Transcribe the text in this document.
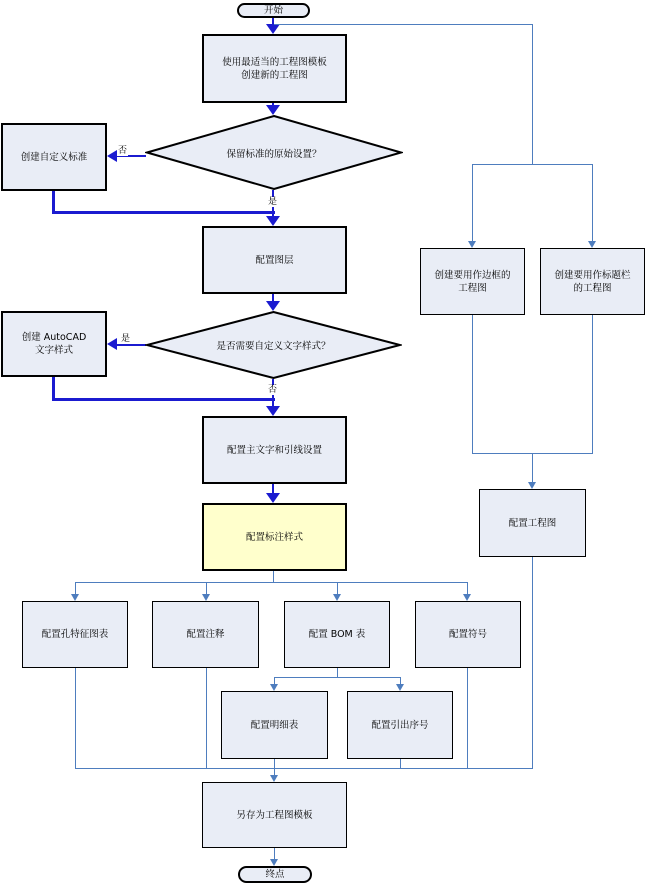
否
是
是
否
开始
使用最适当的工程图模板
创建新的工程图
保留标准的原始设置？
创建自定义标准
配置图层
是否需要自定义文字样式？
创建 AutoCAD
文字样式
配置主文字和引线设置
配置标注样式
创建要用作边框的
工程图
创建要用作标题栏
的工程图
配置工程图
配置孔特征图表	配置注释	配置 BOM 表	配置符号
配置明细表	配置引出序号
另存为工程图模板
终点
